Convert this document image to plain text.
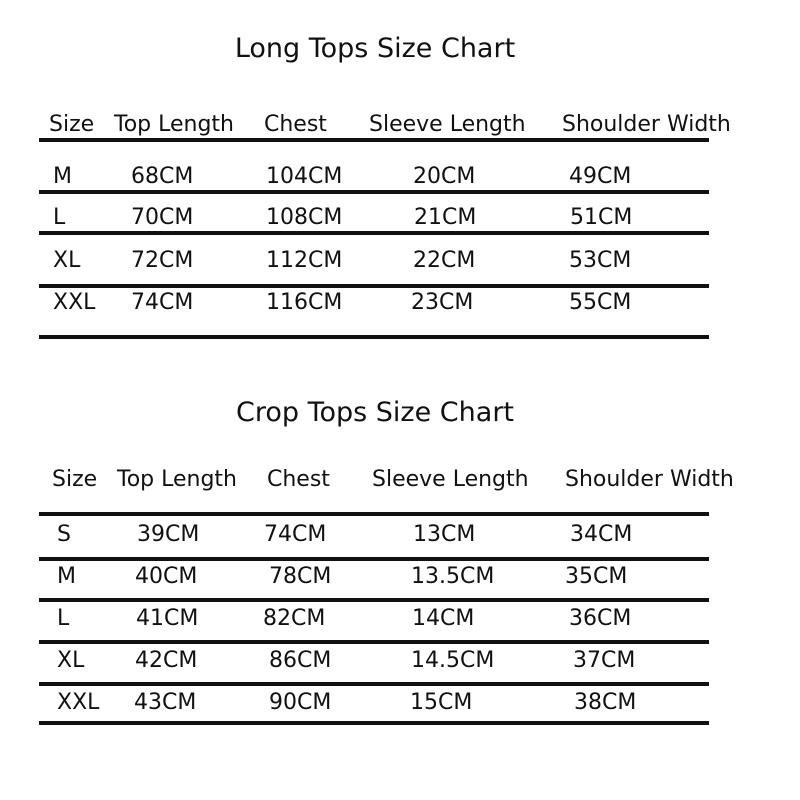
Long Tops Size Chart
Size Top Length Chest Sleeve Length Shoulder Width
M	68CM	104CM	20CM	49CM
L	70CM	108CM	21CM	51CM
XL 72CM	112CM	22CM	53CM
XXL 74CM	116CM	23CM	55CM
Crop Tops Size Chart
Size Top Length Chest Sleeve Length Shoulder Width
S	39CM	74CM	13CM	34CM
M	40CM	78CM	13.5CM	35CM
L	41CM	82CM	14CM	36CM
XL 42CM	86CM	14.5CM	37CM
XXL 43CM	90CM	15CM	38CM
